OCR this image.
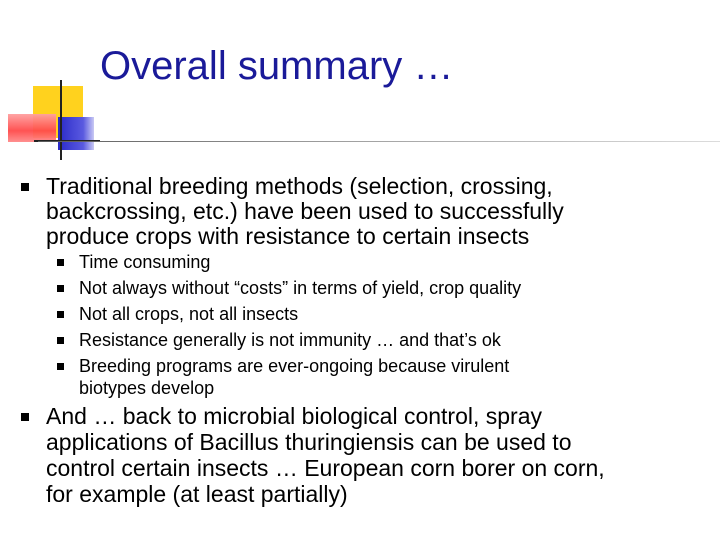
Overall summary …
Traditional breeding methods (selection, crossing,
backcrossing, etc.) have been used to successfully
produce crops with resistance to certain insects
Time consuming
Not always without “costs” in terms of yield, crop quality
Not all crops, not all insects
Resistance generally is not immunity … and that’s ok
Breeding programs are ever-ongoing because virulent
biotypes develop
And … back to microbial biological control, spray
applications of Bacillus thuringiensis can be used to
control certain insects … European corn borer on corn,
for example (at least partially)
